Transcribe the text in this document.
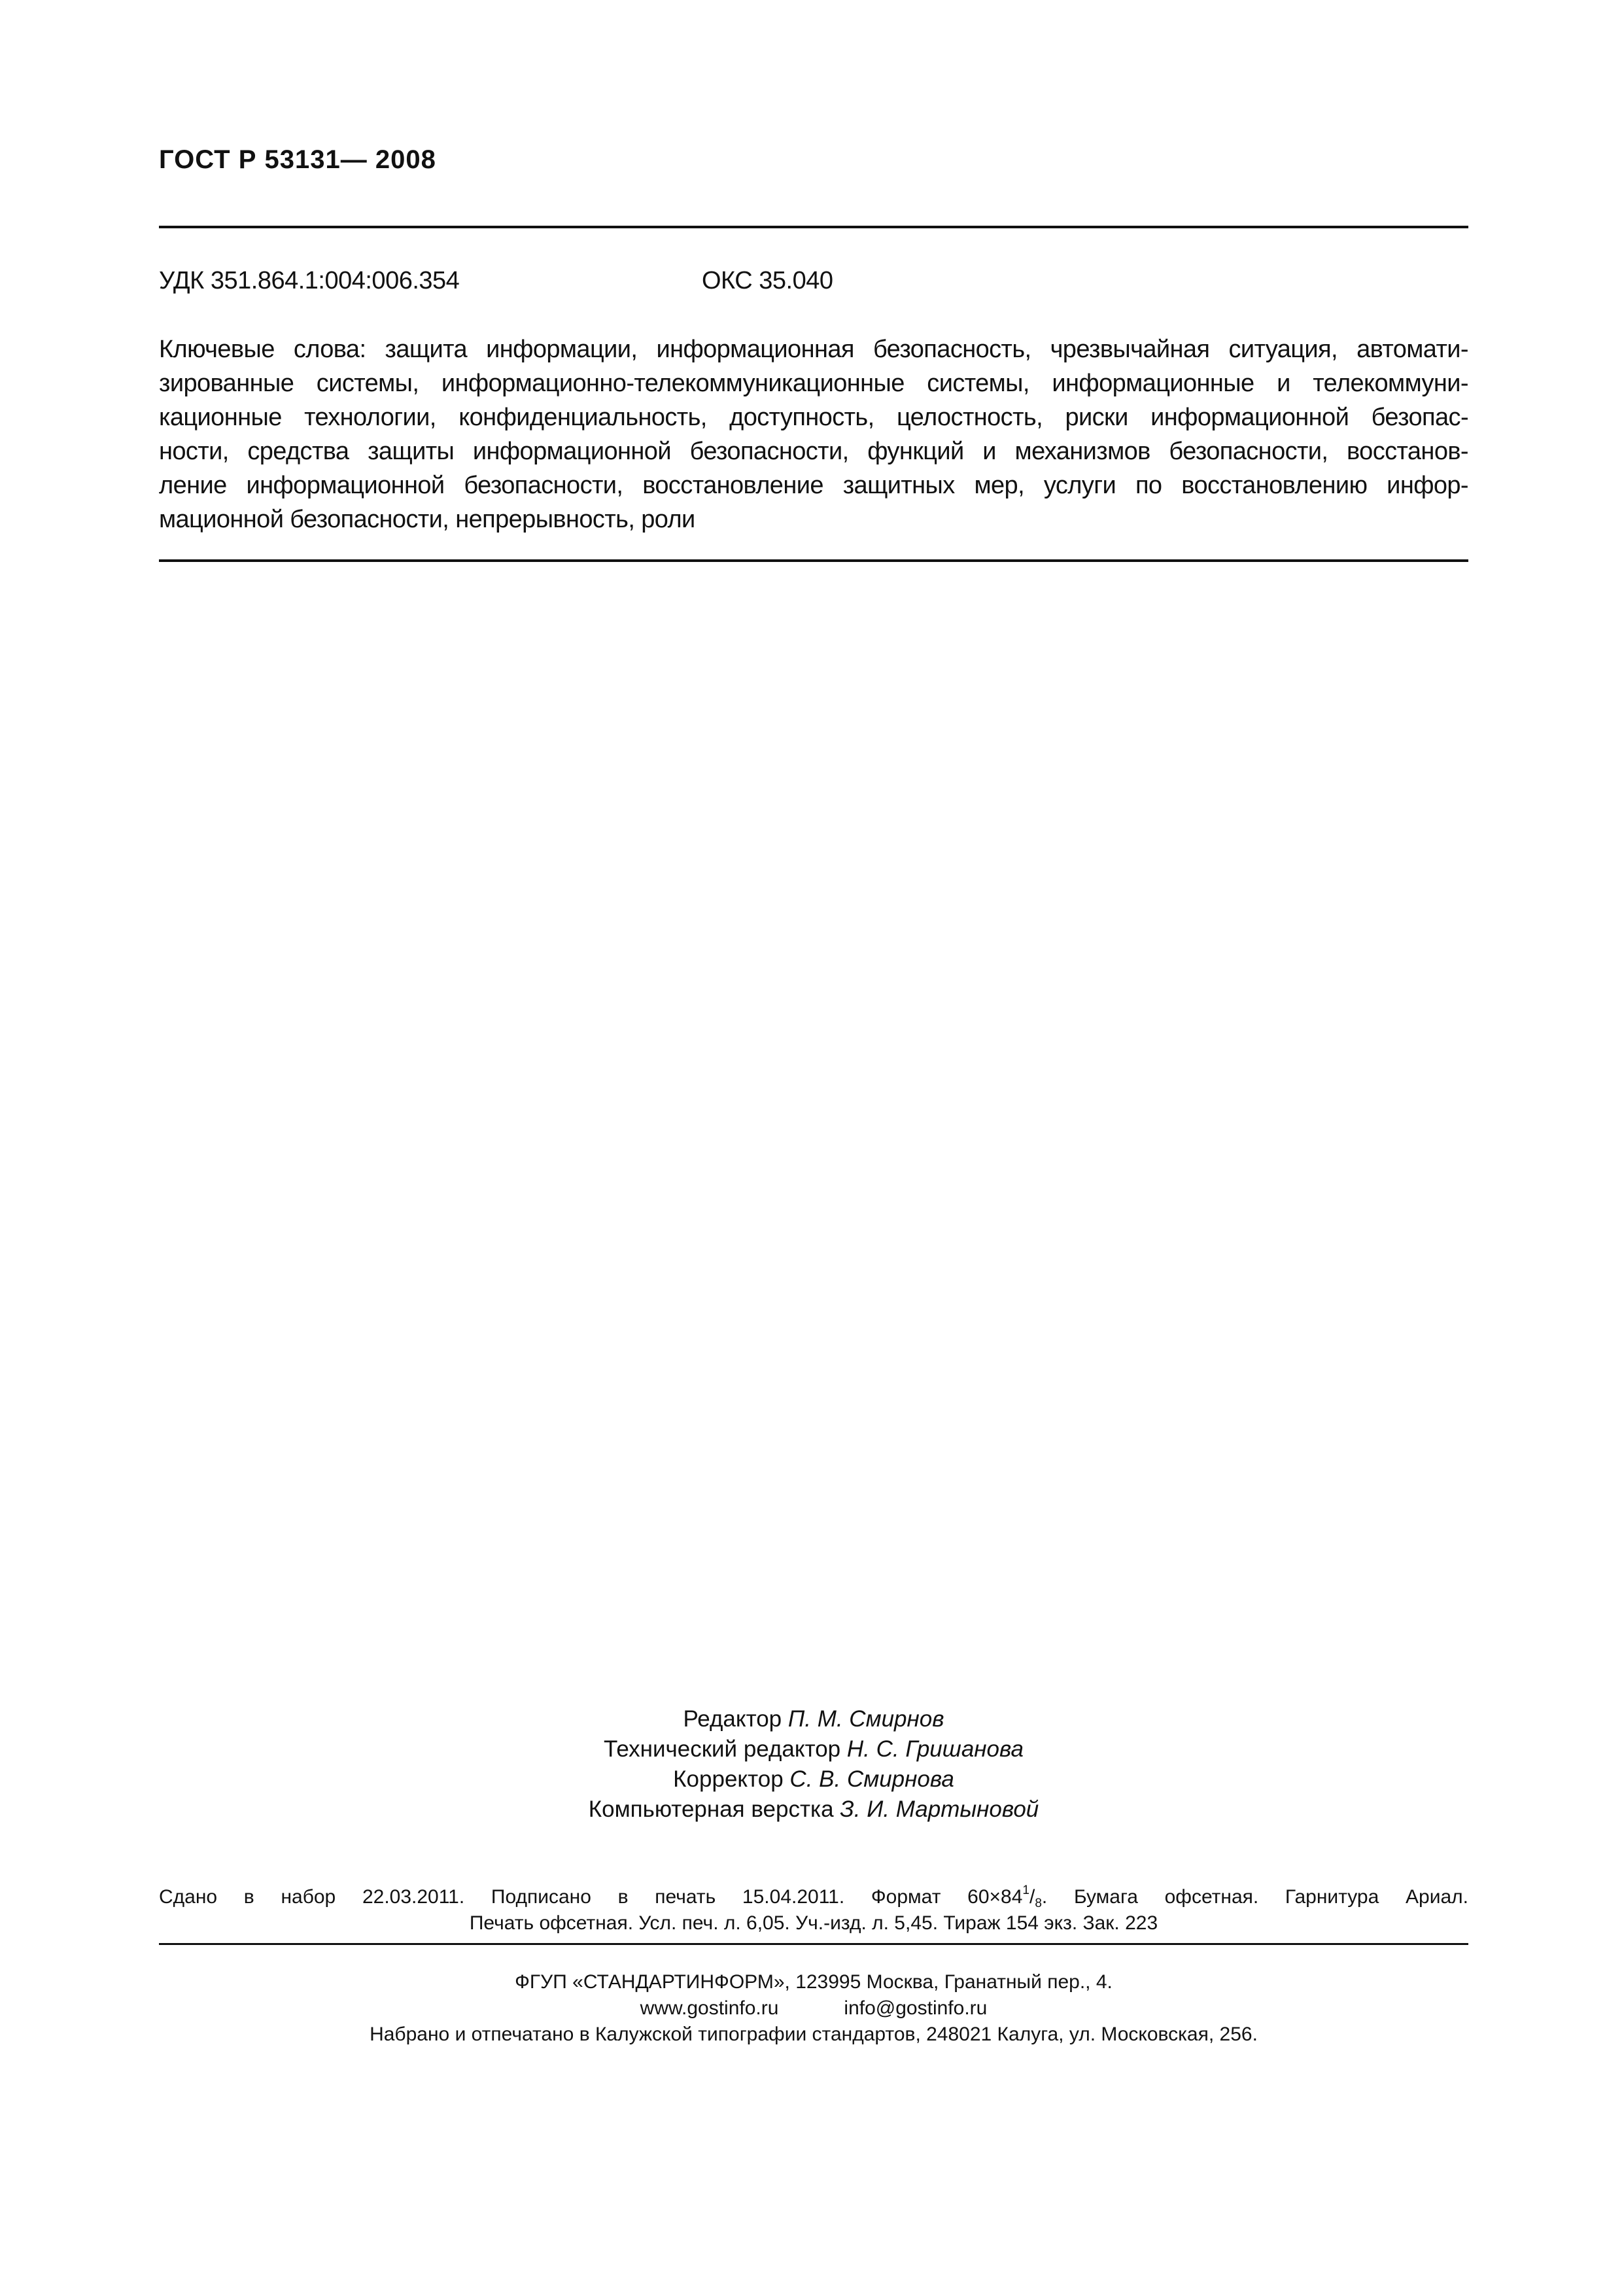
ГОСТ Р 53131— 2008
УДК 351.864.1:004:006.354	ОКС 35.040
Ключевые слова: защита информации, информационная безопасность, чрезвычайная ситуация, автомати-
зированные системы, информационно-телекоммуникационные системы, информационные и телекоммуни-
кационные технологии, конфиденциальность, доступность, целостность, риски информационной безопас-
ности, средства защиты информационной безопасности, функций и механизмов безопасности, восстанов-
ление информационной безопасности, восстановление защитных мер, услуги по восстановлению инфор-
мационной безопасности, непрерывность, роли
Редактор П. М. Смирнов
Технический редактор Н. С. Гришанова
Корректор С. В. Смирнова
Компьютерная верстка З. И. Мартыновой
Сдано в набор 22.03.2011. Подписано в печать 15.04.2011. Формат $60\times 84^1/_8$. Бумага офсетная. Гарнитура Ариал.
Печать офсетная. Усл. печ. л. 6,05. Уч.-изд. л. 5,45. Тираж 154 экз. Зак. 223
ФГУП «СТАНДАРТИНФОРМ», 123995 Москва, Гранатный пер., 4.
www.gostinfo.ru	info@gostinfo.ru
Набрано и отпечатано в Калужской типографии стандартов, 248021 Калуга, ул. Московская, 256.
